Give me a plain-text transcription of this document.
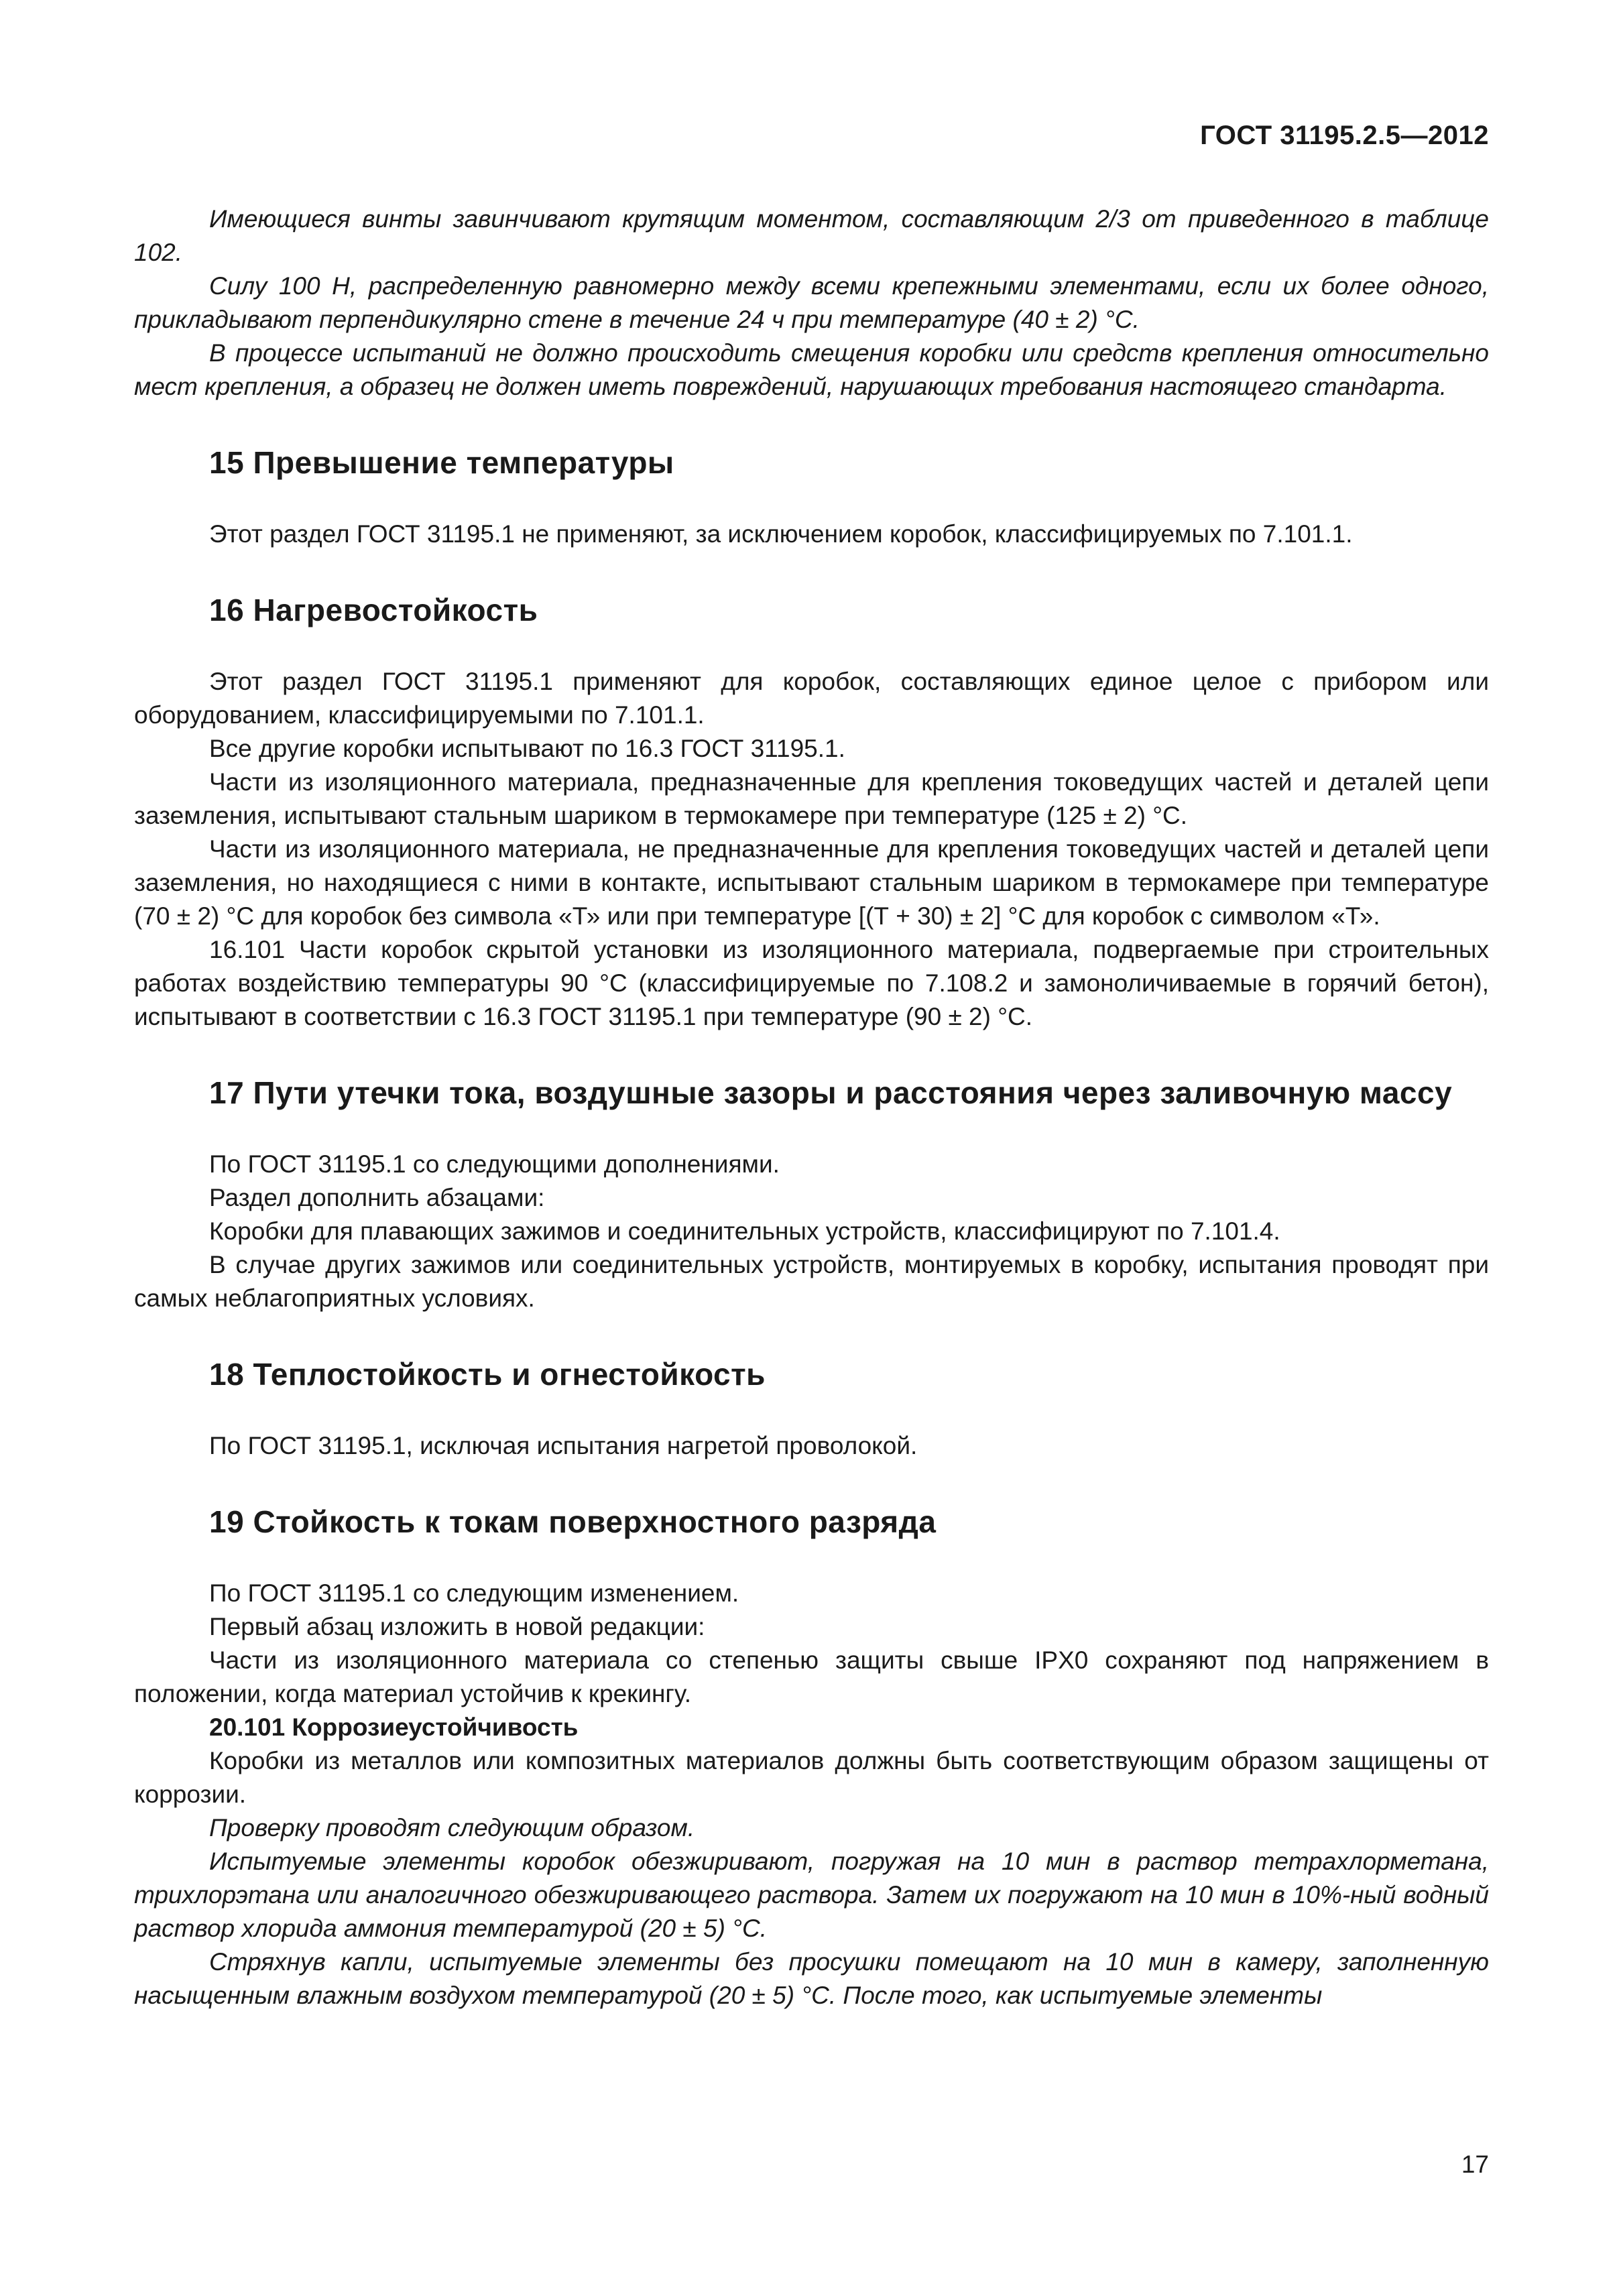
ГОСТ 31195.2.5—2012

Имеющиеся винты завинчивают крутящим моментом, составляющим 2/3 от приведенного в таблице 102.

Силу 100 Н, распределенную равномерно между всеми крепежными элементами, если их более одного, прикладывают перпендикулярно стене в течение 24 ч при температуре (40 ± 2) °С.

В процессе испытаний не должно происходить смещения коробки или средств крепления относительно мест крепления, а образец не должен иметь повреждений, нарушающих требования настоящего стандарта.

15 Превышение температуры

Этот раздел ГОСТ 31195.1 не применяют, за исключением коробок, классифицируемых по 7.101.1.

16 Нагревостойкость

Этот раздел ГОСТ 31195.1 применяют для коробок, составляющих единое целое с прибором или оборудованием, классифицируемыми по 7.101.1.

Все другие коробки испытывают по 16.3 ГОСТ 31195.1.

Части из изоляционного материала, предназначенные для крепления токоведущих частей и деталей цепи заземления, испытывают стальным шариком в термокамере при температуре (125 ± 2) °С.

Части из изоляционного материала, не предназначенные для крепления токоведущих частей и деталей цепи заземления, но находящиеся с ними в контакте, испытывают стальным шариком в термокамере при температуре (70 ± 2) °С для коробок без символа «Т» или при температуре [(Т + 30) ± 2] °С для коробок с символом «Т».

16.101 Части коробок скрытой установки из изоляционного материала, подвергаемые при строительных работах воздействию температуры 90 °С (классифицируемые по 7.108.2 и замоноличиваемые в горячий бетон), испытывают в соответствии с 16.3 ГОСТ 31195.1 при температуре (90 ± 2) °С.

17 Пути утечки тока, воздушные зазоры и расстояния через заливочную массу

По ГОСТ 31195.1 со следующими дополнениями.

Раздел дополнить абзацами:

Коробки для плавающих зажимов и соединительных устройств, классифицируют по 7.101.4.

В случае других зажимов или соединительных устройств, монтируемых в коробку, испытания проводят при самых неблагоприятных условиях.

18 Теплостойкость и огнестойкость

По ГОСТ 31195.1, исключая испытания нагретой проволокой.

19 Стойкость к токам поверхностного разряда

По ГОСТ 31195.1 со следующим изменением.

Первый абзац изложить в новой редакции:

Части из изоляционного материала со степенью защиты свыше IPX0 сохраняют под напряжением в положении, когда материал устойчив к крекингу.

20.101 Коррозиеустойчивость

Коробки из металлов или композитных материалов должны быть соответствующим образом защищены от коррозии.

Проверку проводят следующим образом.

Испытуемые элементы коробок обезжиривают, погружая на 10 мин в раствор тетрахлорметана, трихлорэтана или аналогичного обезжиривающего раствора. Затем их погружают на 10 мин в 10%-ный водный раствор хлорида аммония температурой (20 ± 5) °С.

Стряхнув капли, испытуемые элементы без просушки помещают на 10 мин в камеру, заполненную насыщенным влажным воздухом температурой (20 ± 5) °С. После того, как испытуемые элементы

17
